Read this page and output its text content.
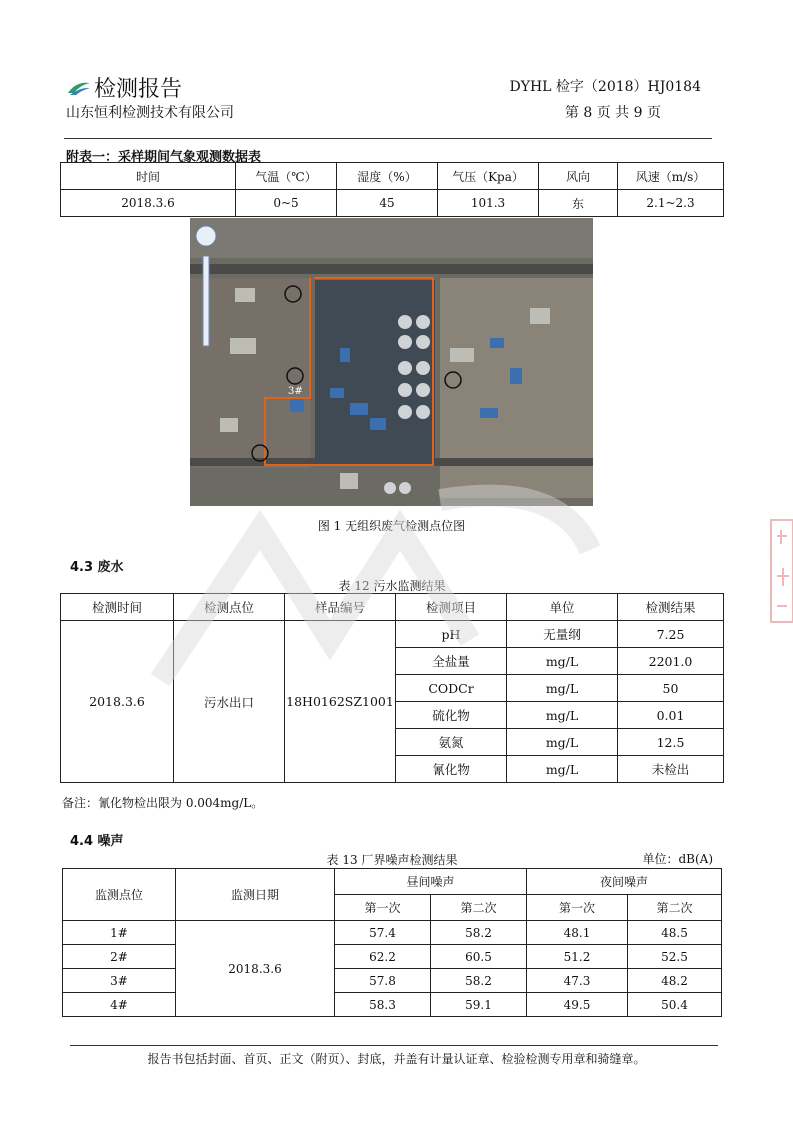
检测报告
山东恒利检测技术有限公司
DYHL 检字（2018）HJ0184
第 8 页 共 9 页
附表一：采样期间气象观测数据表
时间	气温（℃）	湿度（%）	气压（Kpa）	风向	风速（m/s）
2018.3.6	0~5	45	101.3	东	2.1~2.3
3#
图 1 无组织废气检测点位图
4.3 废水
表 12 污水监测结果
检测时间	检测点位	样品编号	检测项目	单位	检测结果
2018.3.6	污水出口	18H0162SZ1001	pH	无量纲	7.25
			全盐量	mg/L	2201.0
			CODCr	mg/L	50
			硫化物	mg/L	0.01
			氨氮	mg/L	12.5
			氰化物	mg/L	未检出
备注：氰化物检出限为 0.004mg/L。
4.4 噪声
表 13 厂界噪声检测结果	单位：dB(A)
监测点位	监测日期	昼间噪声		夜间噪声	
		第一次	第二次	第一次	第二次
1#	2018.3.6	57.4	58.2	48.1	48.5
2#		62.2	60.5	51.2	52.5
3#		57.8	58.2	47.3	48.2
4#		58.3	59.1	49.5	50.4
报告书包括封面、首页、正文（附页）、封底，并盖有计量认证章、检验检测专用章和骑缝章。
